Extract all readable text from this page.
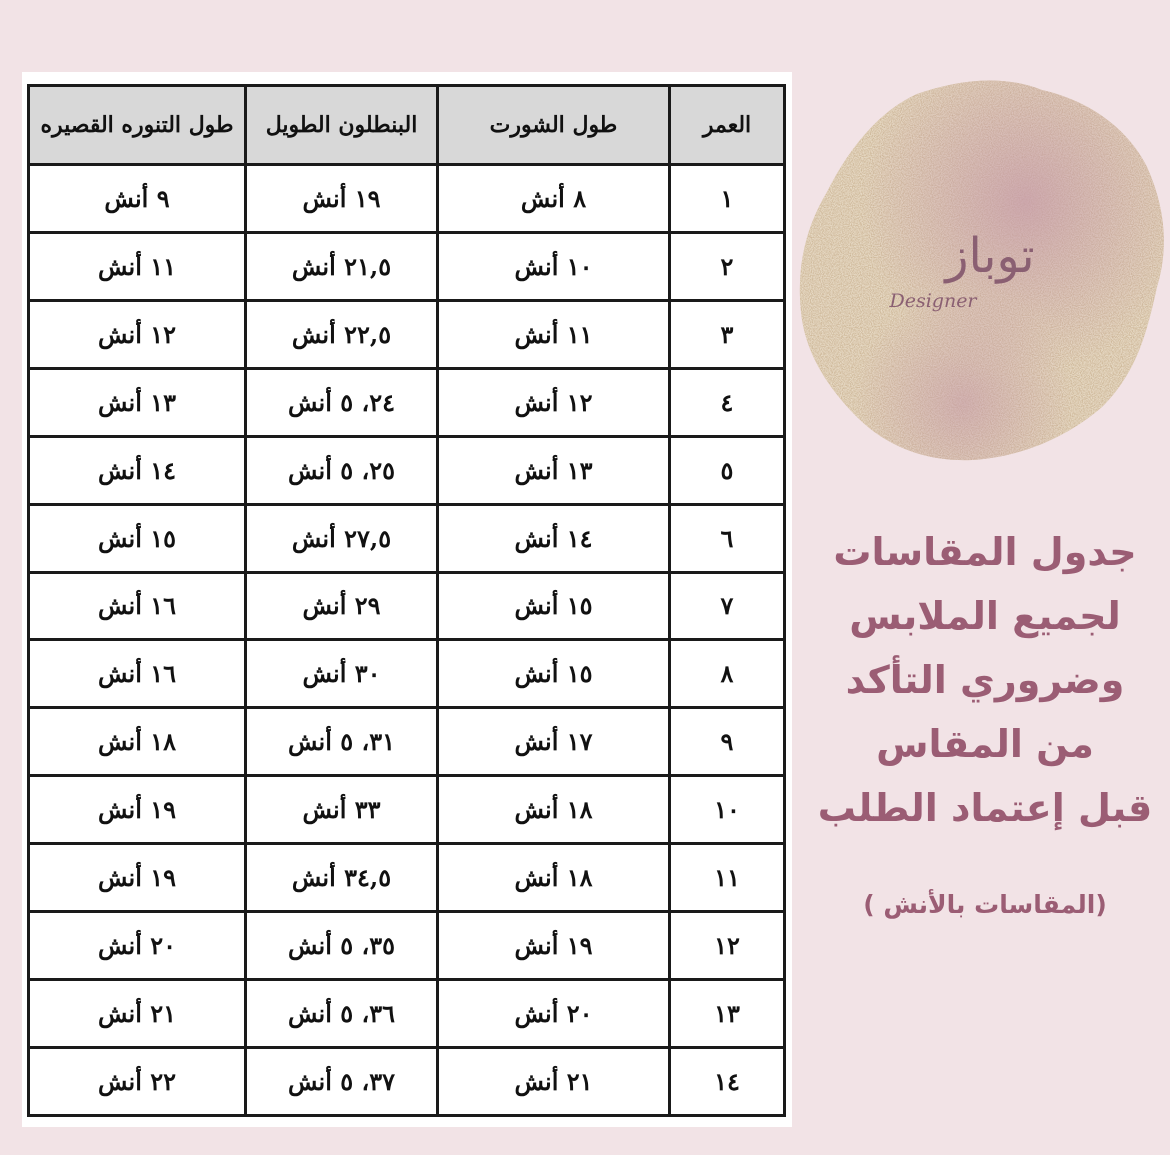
العمر	طول الشورت	البنطلون الطويل	طول التنوره القصيره
١	٨ أنش	١٩ أنش	٩ أنش
٢	١٠ أنش	٢١,٥ أنش	١١ أنش
٣	١١ أنش	٢٢,٥ أنش	١٢ أنش
٤	١٢ أنش	٢٤، ٥ أنش	١٣ أنش
٥	١٣ أنش	٢٥، ٥ أنش	١٤ أنش
٦	١٤ أنش	٢٧,٥ أنش	١٥ أنش
٧	١٥ أنش	٢٩ أنش	١٦ أنش
٨	١٥ أنش	٣٠ أنش	١٦ أنش
٩	١٧ أنش	٣١، ٥ أنش	١٨ أنش
١٠	١٨ أنش	٣٣ أنش	١٩ أنش
١١	١٨ أنش	٣٤,٥ أنش	١٩ أنش
١٢	١٩ أنش	٣٥، ٥ أنش	٢٠ أنش
١٣	٢٠ أنش	٣٦، ٥ أنش	٢١ أنش
١٤	٢١ أنش	٣٧، ٥ أنش	٢٢ أنش
توباز
Designer
جدول المقاسات
لجميع الملابس
وضروري التأكد
من المقاس
قبل إعتماد الطلب
(المقاسات بالأنش )
